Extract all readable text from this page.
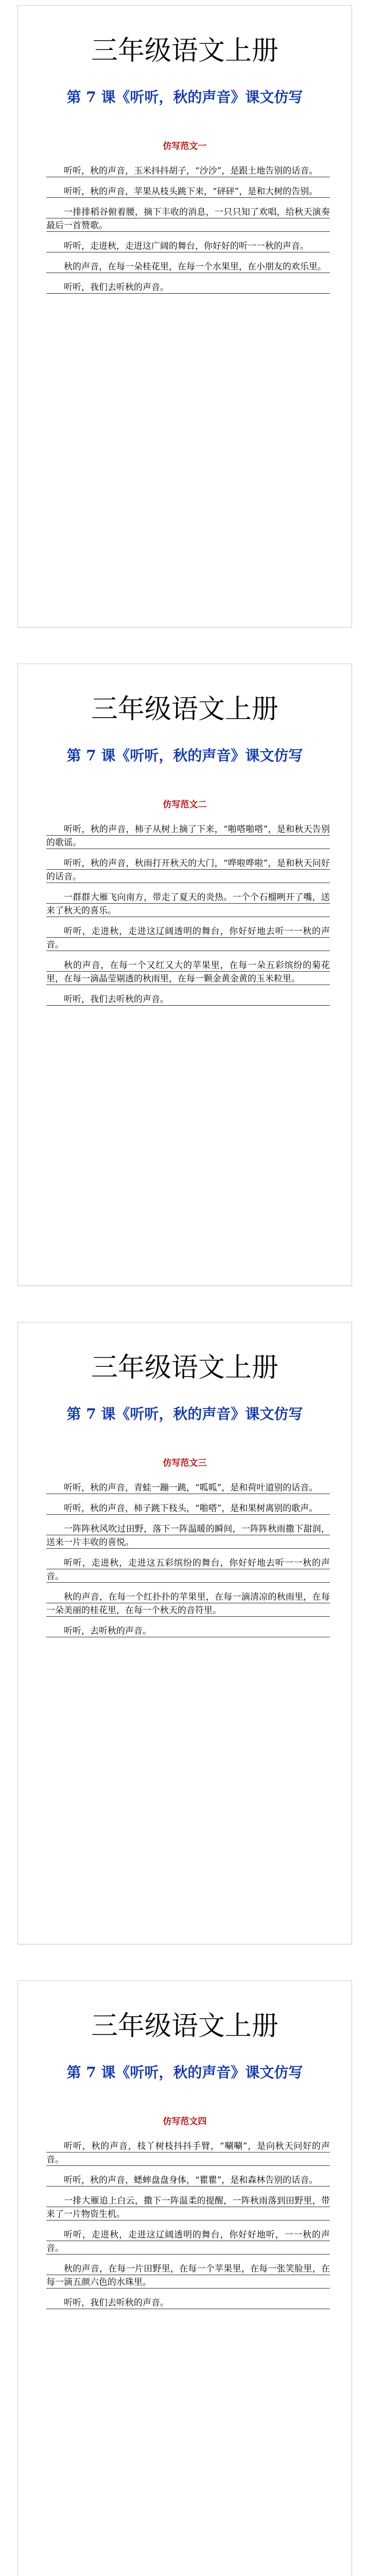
三年级语文上册
第 7 课《听听，秋的声音》课文仿写
仿写范文一

听听，秋的声音，玉米抖抖胡子，“沙沙”，是跟土地告别的话音。

听听，秋的声音，苹果从枝头跳下来，“砰砰”，是和大树的告别。

一排排稻谷俯着腰，摘下丰收的消息，一只只知了欢唱，给秋天演奏最后一首赞歌。

听听，走进秋，走进这广阔的舞台，你好好的听一一秋的声音。

秋的声音，在每一朵桂花里，在每一个水果里，在小朋友的欢乐里。

听听，我们去听秋的声音。

三年级语文上册
第 7 课《听听，秋的声音》课文仿写
仿写范文二

听听，秋的声音，柿子从树上摘了下来，“啪嗒啪嗒”，是和秋天告别的歌谣。

听听，秋的声音，秋雨打开秋天的大门，“哗啦哗啦”，是和秋天问好的话音。

一群群大雁飞向南方，带走了夏天的炎热。一个个石榴咧开了嘴，送来了秋天的喜乐。

听听，走进秋，走进这辽阔透明的舞台，你好好地去听一一秋的声音。

秋的声音，在每一个又红又大的苹果里，在每一朵五彩缤纷的菊花里，在每一滴晶莹剔透的秋雨里，在每一颗金黄金黄的玉米粒里。

听听，我们去听秋的声音。

三年级语文上册
第 7 课《听听，秋的声音》课文仿写
仿写范文三

听听，秋的声音，青蛙一蹦一跳，“呱呱”，是和荷叶道别的话音。

听听，秋的声音，柿子跳下枝头，“啪嗒”，是和果树离别的歌声。

一阵阵秋风吹过田野，落下一阵温暖的瞬间，一阵阵秋雨撒下甜润，送来一片丰收的喜悦。

听听，走进秋，走进这五彩缤纷的舞台，你好好地去听一一秋的声音。

秋的声音，在每一个红扑扑的苹果里，在每一滴清凉的秋雨里，在每一朵美丽的桂花里，在每一个秋天的音符里。

听听，去听秋的声音。

三年级语文上册
第 7 课《听听，秋的声音》课文仿写
仿写范文四

听听，秋的声音，枝丫树枝抖抖手臂，“唰唰”，是向秋天问好的声音。

听听，秋的声音，蟋蟀盘盘身体，“瞿瞿”，是和森林告别的话音。

一排大雁追上白云，撒下一阵温柔的提醒，一阵秋雨落到田野里，带来了一片物资生机。

听听，走进秋，走进这辽阔透明的舞台，你好好地听，一一秋的声音。

秋的声音，在每一片田野里，在每一个苹果里，在每一张笑脸里，在每一滴五颜六色的水珠里。

听听，我们去听秋的声音。
